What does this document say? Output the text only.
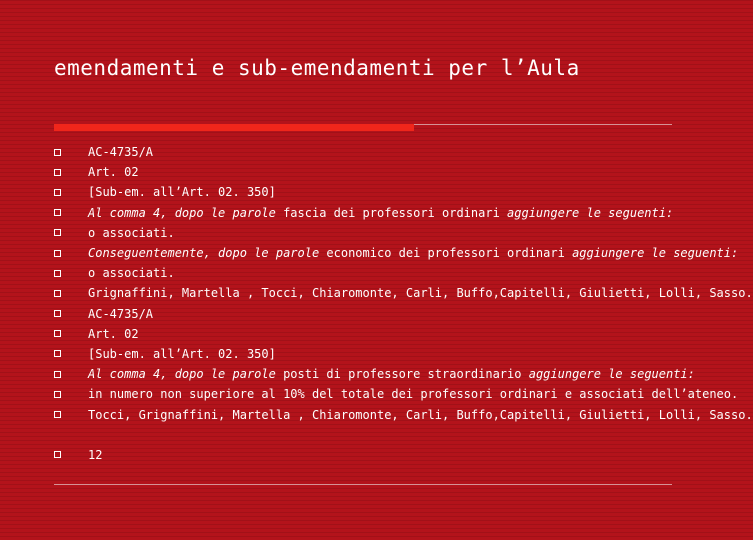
emendamenti e sub-emendamenti per l’Aula
AC-4735/A
Art. 02
[Sub-em. all’Art. 02. 350]
Al comma 4, dopo le parole fascia dei professori ordinari aggiungere le seguenti:
o associati.
Conseguentemente, dopo le parole economico dei professori ordinari aggiungere le seguenti:
o associati.
Grignaffini, Martella , Tocci, Chiaromonte, Carli, Buffo,Capitelli, Giulietti, Lolli, Sasso.
AC-4735/A
Art. 02
[Sub-em. all’Art. 02. 350]
Al comma 4, dopo le parole posti di professore straordinario aggiungere le seguenti:
in numero non superiore al 10% del totale dei professori ordinari e associati dell’ateneo.
Tocci, Grignaffini, Martella , Chiaromonte, Carli, Buffo,Capitelli, Giulietti, Lolli, Sasso.
12
